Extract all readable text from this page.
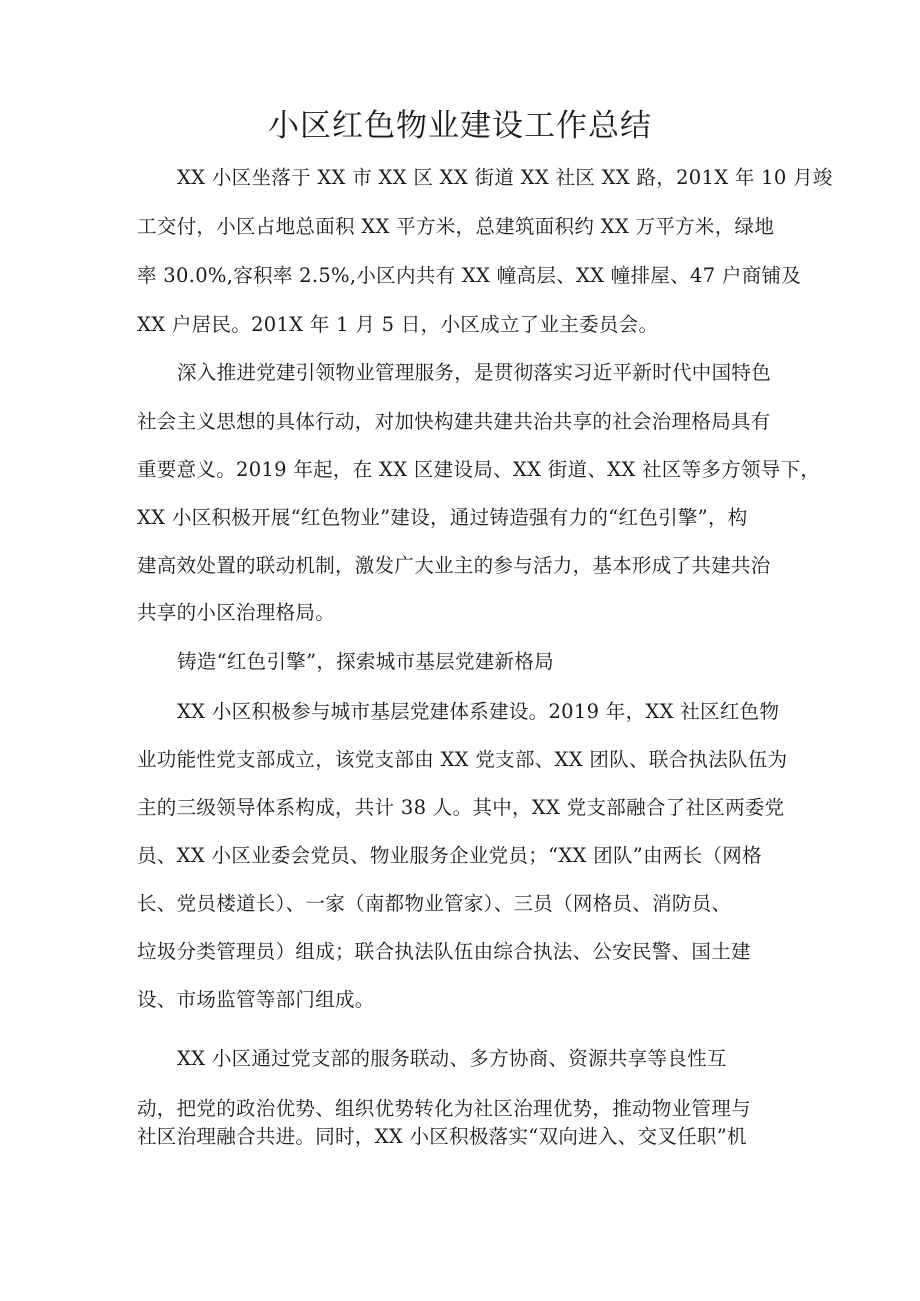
小区红色物业建设工作总结

XX 小区坐落于 XX 市 XX 区 XX 街道 XX 社区 XX 路，201X 年 10 月竣

工交付，小区占地总面积 XX 平方米，总建筑面积约 XX 万平方米，绿地

率 30.0%,容积率 2.5%,小区内共有 XX 幢高层、XX 幢排屋、47 户商铺及

XX 户居民。201X 年 1 月 5 日，小区成立了业主委员会。

深入推进党建引领物业管理服务，是贯彻落实习近平新时代中国特色

社会主义思想的具体行动，对加快构建共建共治共享的社会治理格局具有

重要意义。2019 年起，在 XX 区建设局、XX 街道、XX 社区等多方领导下，

XX 小区积极开展“红色物业”建设，通过铸造强有力的“红色引擎”，构

建高效处置的联动机制，激发广大业主的参与活力，基本形成了共建共治

共享的小区治理格局。

铸造“红色引擎”，探索城市基层党建新格局

XX 小区积极参与城市基层党建体系建设。2019 年，XX 社区红色物

业功能性党支部成立，该党支部由 XX 党支部、XX 团队、联合执法队伍为

主的三级领导体系构成，共计 38 人。其中，XX 党支部融合了社区两委党

员、XX 小区业委会党员、物业服务企业党员；“XX 团队”由两长（网格

长、党员楼道长）、一家（南都物业管家）、三员（网格员、消防员、

垃圾分类管理员）组成；联合执法队伍由综合执法、公安民警、国土建

设、市场监管等部门组成。

XX 小区通过党支部的服务联动、多方协商、资源共享等良性互

动，把党的政治优势、组织优势转化为社区治理优势，推动物业管理与

社区治理融合共进。同时，XX 小区积极落实“双向进入、交叉任职”机
